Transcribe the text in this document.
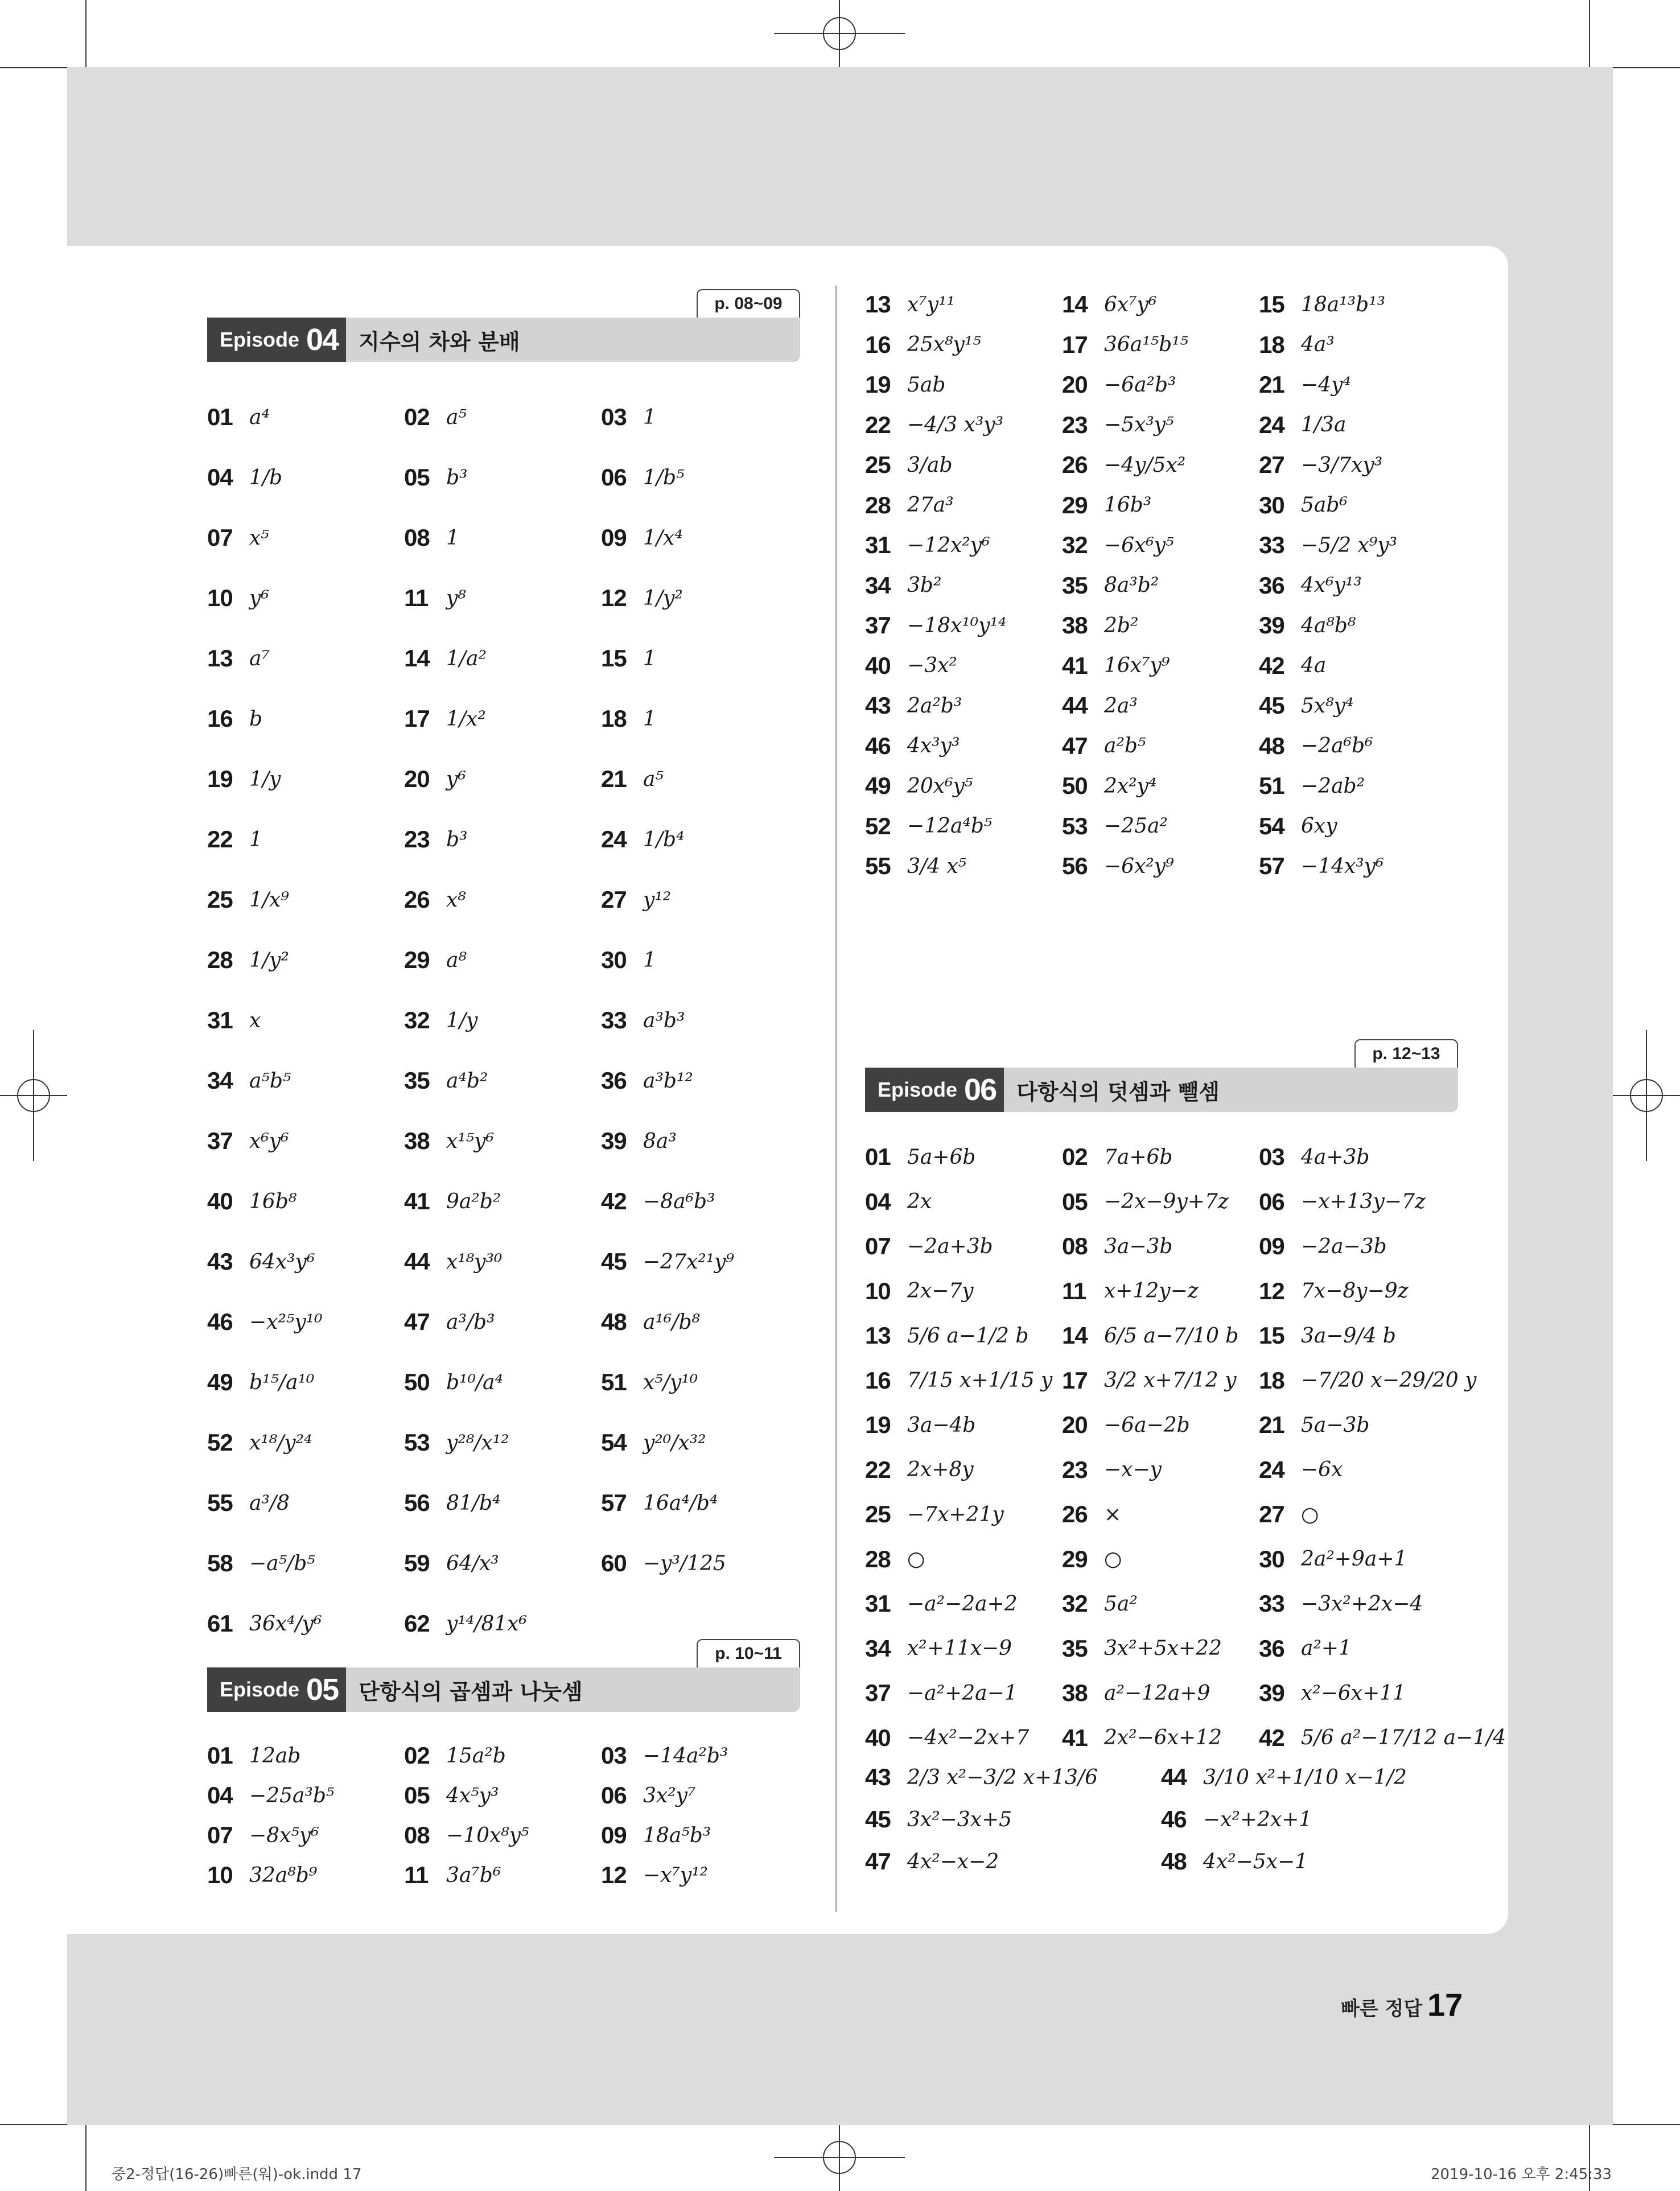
p. 08~09
Episode 04 지수의 차와 분배
01 a⁴	02 a⁵	03 1
04 1/b	05 b³	06 1/b⁵
07 x⁵	08 1	09 1/x⁴
10 y⁶	11 y⁸	12 1/y²
13 a⁷	14 1/a²	15 1
16 b	17 1/x²	18 1
19 1/y	20 y⁶	21 a⁵
22 1	23 b³	24 1/b⁴
25 1/x⁹	26 x⁸	27 y¹²
28 1/y²	29 a⁸	30 1
31 x	32 1/y	33 a³b³
34 a⁵b⁵	35 a⁴b²	36 a³b¹²
37 x⁶y⁶	38 x¹⁵y⁶	39 8a³
40 16b⁸	41 9a²b²	42 −8a⁶b³
43 64x³y⁶	44 x¹⁸y³⁰	45 −27x²¹y⁹
46 −x²⁵y¹⁰	47 a³/b³	48 a¹⁶/b⁸
49 b¹⁵/a¹⁰	50 b¹⁰/a⁴	51 x⁵/y¹⁰
52 x¹⁸/y²⁴	53 y²⁸/x¹²	54 y²⁰/x³²
55 a³/8	56 81/b⁴	57 16a⁴/b⁴
58 −a⁵/b⁵	59 64/x³	60 −y³/125
61 36x⁴/y⁶	62 y¹⁴/81x⁶
p. 10~11
Episode 05 단항식의 곱셈과 나눗셈
01 12ab	02 15a²b	03 −14a²b³
04 −25a³b⁵	05 4x⁵y³	06 3x²y⁷
07 −8x⁵y⁶	08 −10x⁸y⁵	09 18a⁵b³
10 32a⁸b⁹	11 3a⁷b⁶	12 −x⁷y¹²
13 x⁷y¹¹	14 6x⁷y⁶	15 18a¹³b¹³
16 25x⁸y¹⁵	17 36a¹⁵b¹⁵	18 4a³
19 5ab	20 −6a²b³	21 −4y⁴
22 −4/3 x³y³ 23 −5x³y⁵	24 1/3a
25 3/ab	26 −4y/5x²	27 −3/7xy³
28 27a³	29 16b³	30 5ab⁶
31 −12x²y⁶	32 −6x⁶y⁵	33 −5/2 x⁹y³
34 3b²	35 8a³b²	36 4x⁶y¹³
37 −18x¹⁰y¹⁴ 38 2b²	39 4a⁸b⁸
40 −3x²	41 16x⁷y⁹	42 4a
43 2a²b³	44 2a³	45 5x⁸y⁴
46 4x³y³	47 a²b⁵	48 −2a⁶b⁶
49 20x⁶y⁵	50 2x²y⁴	51 −2ab²
52 −12a⁴b⁵	53 −25a²	54 6xy
55 3/4 x⁵	56 −6x²y⁹	57 −14x³y⁶
p. 12~13
Episode 06 다항식의 덧셈과 뺄셈
01 5a+6b	02 7a+6b	03 4a+3b
04 2x	05 −2x−9y+7z 06 −x+13y−7z
07 −2a+3b	08 3a−3b	09 −2a−3b
10 2x−7y	11 x+12y−z	12 7x−8y−9z
13 5/6 a−1/2 b 14 6/5 a−7/10 b 15 3a−9/4 b
16 7/15 x+1/15 y 17 3/2 x+7/12 y 18 −7/20 x−29/20 y
19 3a−4b	20 −6a−2b	21 5a−3b
22 2x+8y	23 −x−y	24 −6x
25 −7x+21y 26 ×	27 ○
28 ○	29 ○	30 2a²+9a+1
31 −a²−2a+2 32 5a²	33 −3x²+2x−4
34 x²+11x−9 35 3x²+5x+22 36 a²+1
37 −a²+2a−1 38 a²−12a+9 39 x²−6x+11
40 −4x²−2x+7 41 2x²−6x+12 42 5/6 a²−17/12 a−1/4
43 2/3 x²−3/2 x+13/6	44 3/10 x²+1/10 x−1/2
45 3x²−3x+5	46 −x²+2x+1
47 4x²−x−2	48 4x²−5x−1
빠른 정답 17
중2-정답(16-26)빠른(워)-ok.indd 17	2019-10-16 오후 2:45:33
